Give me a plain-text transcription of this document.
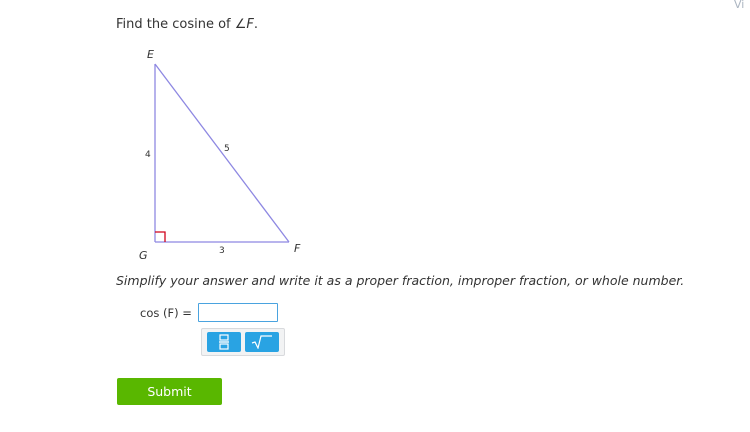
Vi
Find the cosine of ∠F.
E
F
G
4
5
3
Simplify your answer and write it as a proper fraction, improper fraction, or whole number.
cos (F) =
Submit
